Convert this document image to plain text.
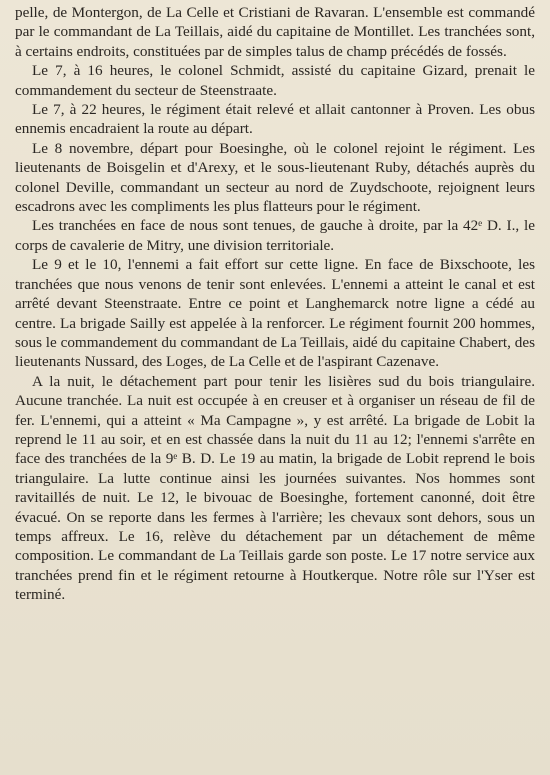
pelle, de Montergon, de La Celle et Cristiani de Ravaran. L'ensemble est commandé par le commandant de La Teillais, aidé du capitaine de Montillet. Les tranchées sont, à certains endroits, constituées par de simples talus de champ précédés de fossés.

Le 7, à 16 heures, le colonel Schmidt, assisté du capitaine Gizard, prenait le commandement du secteur de Steenstraate.

Le 7, à 22 heures, le régiment était relevé et allait cantonner à Proven. Les obus ennemis encadraient la route au départ.

Le 8 novembre, départ pour Boesinghe, où le colonel rejoint le régiment. Les lieutenants de Boisgelin et d'Arexy, et le sous-lieutenant Ruby, détachés auprès du colonel Deville, commandant un secteur au nord de Zuydschoote, rejoignent leurs escadrons avec les compliments les plus flatteurs pour le régiment.

Les tranchées en face de nous sont tenues, de gauche à droite, par la 42ᵉ D. I., le corps de cavalerie de Mitry, une division territoriale.

Le 9 et le 10, l'ennemi a fait effort sur cette ligne. En face de Bixschoote, les tranchées que nous venons de tenir sont enlevées. L'ennemi a atteint le canal et est arrêté devant Steenstraate. Entre ce point et Langhemarck notre ligne a cédé au centre. La brigade Sailly est appelée à la renforcer. Le régiment fournit 200 hommes, sous le commandement du commandant de La Teillais, aidé du capitaine Chabert, des lieutenants Nussard, des Loges, de La Celle et de l'aspirant Cazenave.

A la nuit, le détachement part pour tenir les lisières sud du bois triangulaire. Aucune tranchée. La nuit est occupée à en creuser et à organiser un réseau de fil de fer. L'ennemi, qui a atteint « Ma Campagne », y est arrêté. La brigade de Lobit la reprend le 11 au soir, et en est chassée dans la nuit du 11 au 12; l'ennemi s'arrête en face des tranchées de la 9ᵉ B. D. Le 19 au matin, la brigade de Lobit reprend le bois triangulaire. La lutte continue ainsi les journées suivantes. Nos hommes sont ravitaillés de nuit. Le 12, le bivouac de Boesinghe, fortement canonné, doit être évacué. On se reporte dans les fermes à l'arrière; les chevaux sont dehors, sous un temps affreux. Le 16, relève du détachement par un détachement de même composition. Le commandant de La Teillais garde son poste. Le 17 notre service aux tranchées prend fin et le régiment retourne à Houtkerque. Notre rôle sur l'Yser est terminé.
